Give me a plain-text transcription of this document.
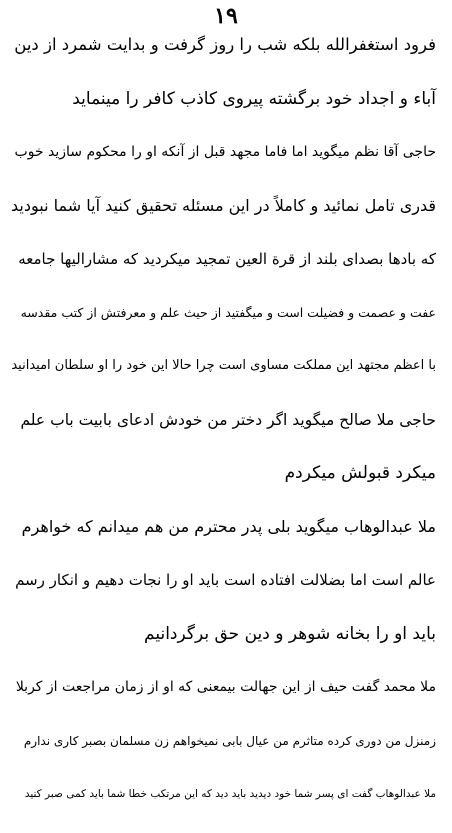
۱۹
فرود استغفرالله بلکه شب را روز گرفت و بدایت شمرد از دین
آباء و اجداد خود برگشته پیروی کاذب کافر را مینماید
حاجی آقا نظم میگوید اما فاما مجهد قبل از آنکه او را محکوم سازید خوب
قدری تامل نمائید و کاملاً در این مسئله تحقیق کنید آیا شما نبودید
که بادها بصدای بلند از قرة العین تمجید میکردید که مشارالیها جامعه
عفت و عصمت و فضیلت است و میگفتید از حیث علم و معرفتش از کتب مقدسه
با اعظم مجتهد این مملکت مساوی است چرا حالا این خود را او سلطان امیدانید
حاجی ملا صالح میگوید اگر دختر من خودش ادعای بابیت باب علم
میکرد قبولش میکردم
ملا عبدالوهاب میگوید بلی پدر محترم من هم میدانم که خواهرم
عالم است اما بضلالت افتاده است باید او را نجات دهیم و انکار رسم
باید او را بخانه شوهر و دین حق برگردانیم
ملا محمد گفت حیف از این جهالت بیمعنی که او از زمان مراجعت از کربلا
زمنزل من دوری کرده متاثرم من عیال بابی نمیخواهم زن مسلمان بصبر کاری ندارم
ملا عبدالوهاب گفت ای پسر شما خود دیدید باید دید که این مرتکب خطا شما باید کمی صبر کنید
